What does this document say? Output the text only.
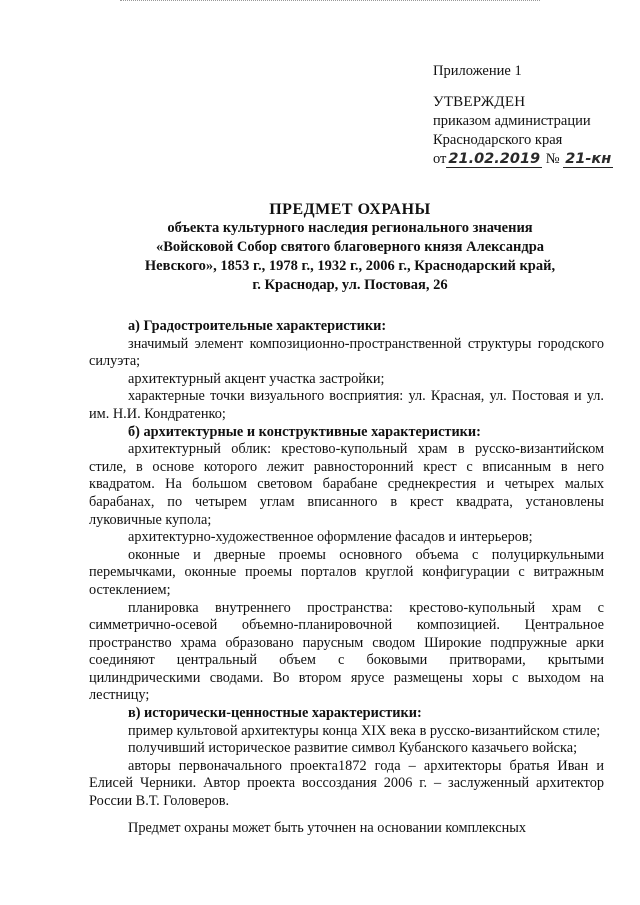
Приложение 1
УТВЕРЖДЕН
приказом администрации
Краснодарского края
от 21.02.2019 № 21-кн
ПРЕДМЕТ ОХРАНЫ
объекта культурного наследия регионального значения
«Войсковой Собор святого благоверного князя Александра
Невского», 1853 г., 1978 г., 1932 г., 2006 г., Краснодарский край,
г. Краснодар, ул. Постовая, 26

а) Градостроительные характеристики:

значимый элемент композиционно-пространственной структуры городского силуэта;

архитектурный акцент участка застройки;

характерные точки визуального восприятия: ул. Красная, ул. Постовая и ул. им. Н.И. Кондратенко;

б) архитектурные и конструктивные характеристики:

архитектурный облик: крестово-купольный храм в русско-византийском стиле, в основе которого лежит равносторонний крест с вписанным в него квадратом. На большом световом барабане среднекрестия и четырех малых барабанах, по четырем углам вписанного в крест квадрата, установлены луковичные купола;

архитектурно-художественное оформление фасадов и интерьеров;

оконные и дверные проемы основного объема с полуциркульными перемычками, оконные проемы порталов круглой конфигурации с витражным остеклением;

планировка внутреннего пространства: крестово-купольный храм с симметрично-осевой объемно-планировочной композицией. Центральное пространство храма образовано парусным сводом Широкие подпружные арки соединяют центральный объем с боковыми притворами, крытыми цилиндрическими сводами. Во втором ярусе размещены хоры с выходом на лестницу;

в) исторически-ценностные характеристики:

пример культовой архитектуры конца XIX века в русско-византийском стиле;

получивший историческое развитие символ Кубанского казачьего войска;

авторы первоначального проекта1872 года – архитекторы братья Иван и Елисей Черники. Автор проекта воссоздания 2006 г. – заслуженный архитектор России В.Т. Головеров.

Предмет охраны может быть уточнен на основании комплексных
